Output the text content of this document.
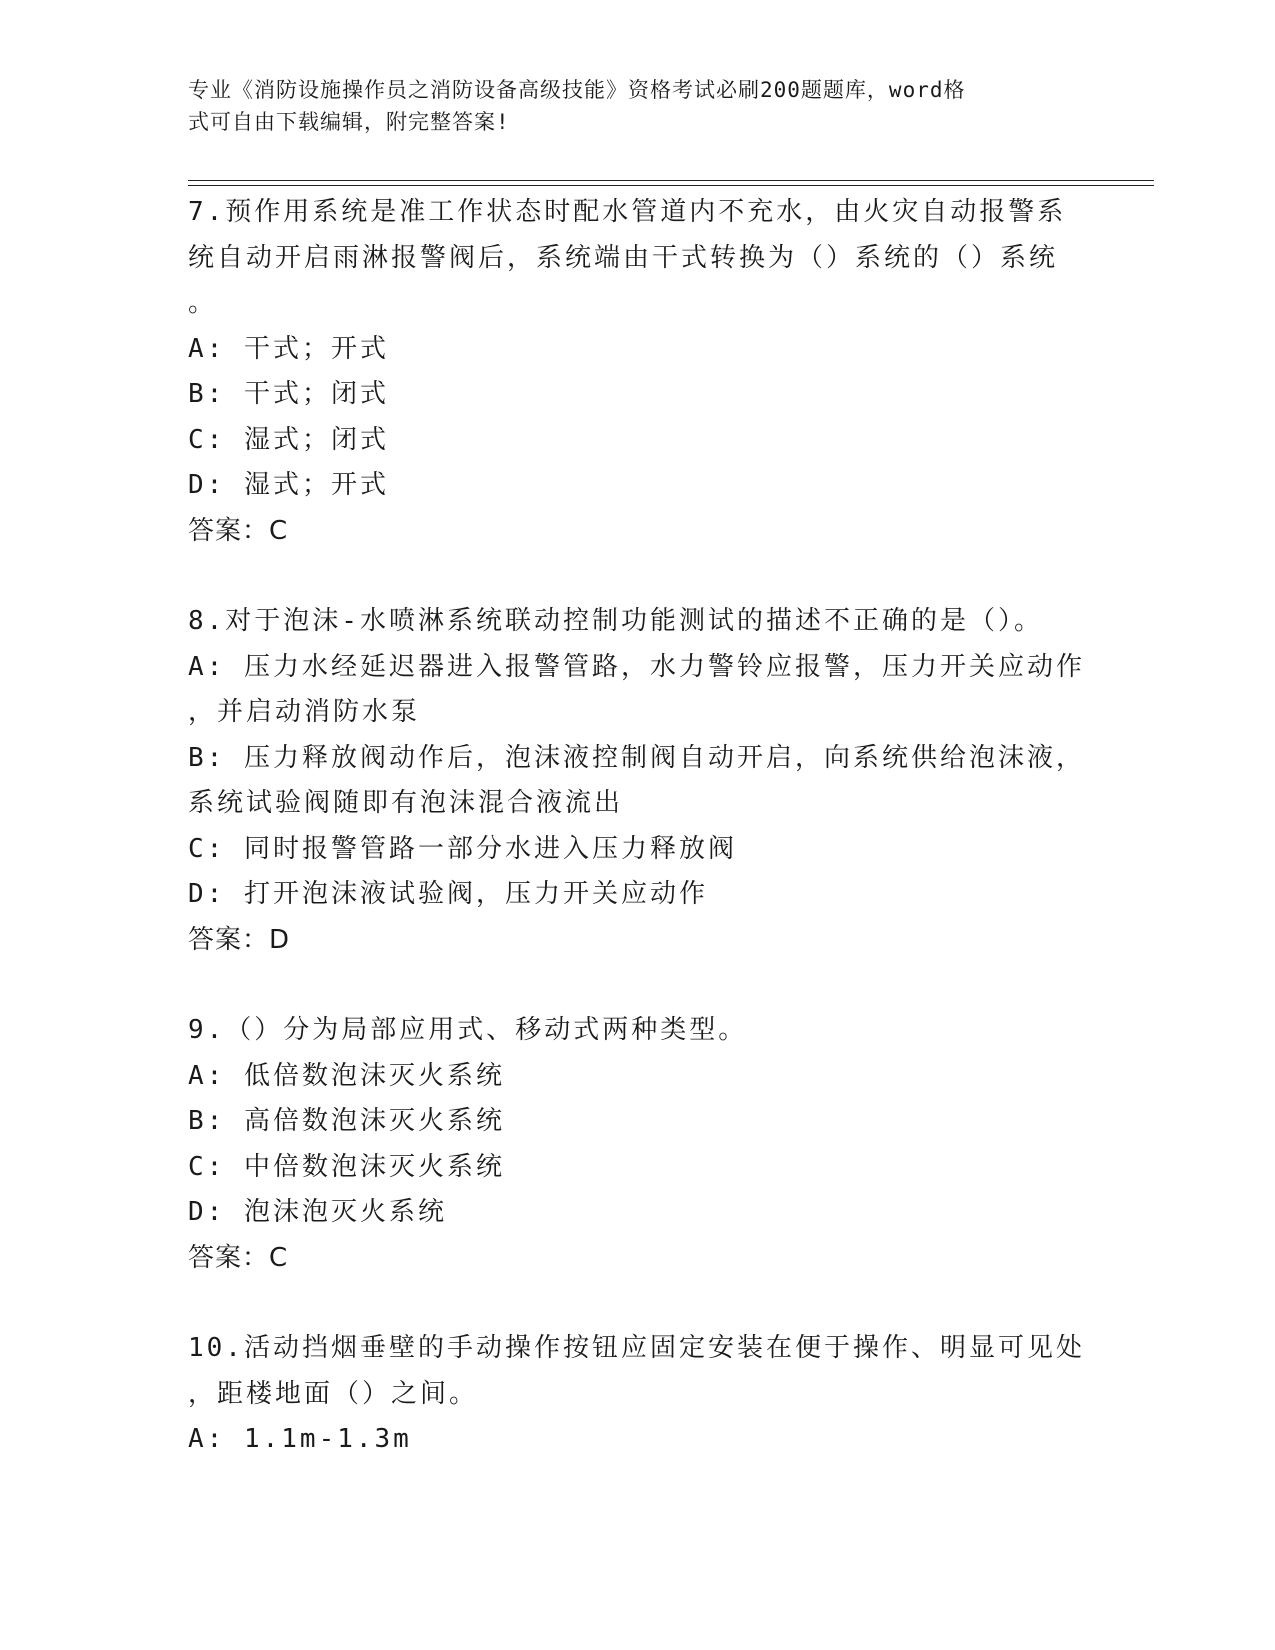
专业《消防设施操作员之消防设备高级技能》资格考试必刷200题题库，word格
式可自由下载编辑，附完整答案!
7.预作用系统是准工作状态时配水管道内不充水，由火灾自动报警系
统自动开启雨淋报警阀后，系统端由干式转换为（）系统的（）系统
。
A: 干式；开式
B: 干式；闭式
C: 湿式；闭式
D: 湿式；开式
答案：C
8.对于泡沫-水喷淋系统联动控制功能测试的描述不正确的是（）。
A: 压力水经延迟器进入报警管路，水力警铃应报警，压力开关应动作
，并启动消防水泵
B: 压力释放阀动作后，泡沫液控制阀自动开启，向系统供给泡沫液，
系统试验阀随即有泡沫混合液流出
C: 同时报警管路一部分水进入压力释放阀
D: 打开泡沫液试验阀，压力开关应动作
答案：D
9.（）分为局部应用式、移动式两种类型。
A: 低倍数泡沫灭火系统
B: 高倍数泡沫灭火系统
C: 中倍数泡沫灭火系统
D: 泡沫泡灭火系统
答案：C
10.活动挡烟垂壁的手动操作按钮应固定安装在便于操作、明显可见处
，距楼地面（）之间。
A: 1.1m-1.3m
